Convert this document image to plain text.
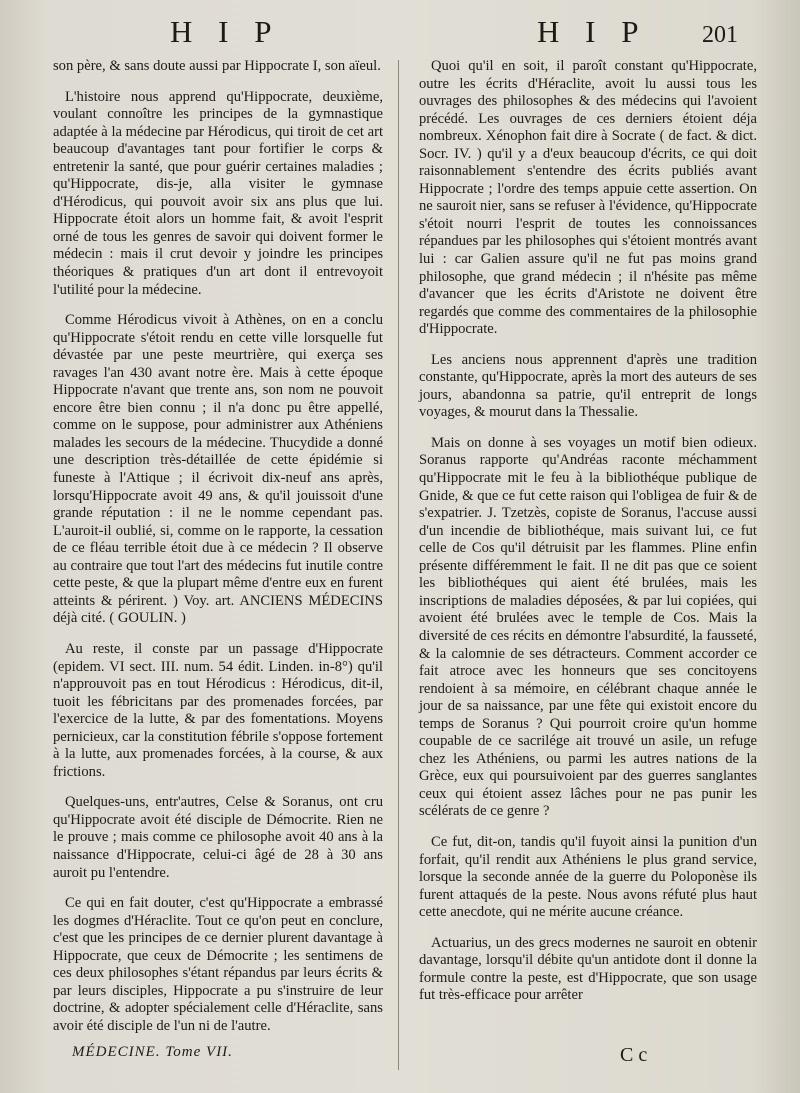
H I P	H I P 201

son père, & sans doute aussi par Hippocrate I, son aïeul.

L'histoire nous apprend qu'Hippocrate, deuxième, voulant connoître les principes de la gymnastique adaptée à la médecine par Hérodicus, qui tiroit de cet art beaucoup d'avantages tant pour fortifier le corps & entretenir la santé, que pour guérir certaines maladies ; qu'Hippocrate, dis-je, alla visiter le gymnase d'Hérodicus, qui pouvoit avoir six ans plus que lui. Hippocrate étoit alors un homme fait, & avoit l'esprit orné de tous les genres de savoir qui doivent former le médecin : mais il crut devoir y joindre les principes théoriques & pratiques d'un art dont il entrevoyoit l'utilité pour la médecine.

Comme Hérodicus vivoit à Athènes, on en a conclu qu'Hippocrate s'étoit rendu en cette ville lorsquelle fut dévastée par une peste meurtrière, qui exerça ses ravages l'an 430 avant notre ère. Mais à cette époque Hippocrate n'avant que trente ans, son nom ne pouvoit encore être bien connu ; il n'a donc pu être appellé, comme on le suppose, pour administrer aux Athéniens malades les secours de la médecine. Thucydide a donné une description très-détaillée de cette épidémie si funeste à l'Attique ; il écrivoit dix-neuf ans après, lorsqu'Hippocrate avoit 49 ans, & qu'il jouissoit d'une grande réputation : il ne le nomme cependant pas. L'auroit-il oublié, si, comme on le rapporte, la cessation de ce fléau terrible étoit due à ce médecin ? Il observe au contraire que tout l'art des médecins fut inutile contre cette peste, & que la plupart même d'entre eux en furent atteints & périrent. ) Voy. art. ANCIENS MÉDECINS déjà cité. ( GOULIN. )

Au reste, il conste par un passage d'Hippocrate (epidem. VI sect. III. num. 54 édit. Linden. in-8°) qu'il n'approuvoit pas en tout Hérodicus : Hérodicus, dit-il, tuoit les fébricitans par des promenades forcées, par l'exercice de la lutte, & par des fomentations. Moyens pernicieux, car la constitution fébrile s'oppose fortement à la lutte, aux promenades forcées, à la course, & aux frictions.

Quelques-uns, entr'autres, Celse & Soranus, ont cru qu'Hippocrate avoit été disciple de Démocrite. Rien ne le prouve ; mais comme ce philosophe avoit 40 ans à la naissance d'Hippocrate, celui-ci âgé de 28 à 30 ans auroit pu l'entendre.

Ce qui en fait douter, c'est qu'Hippocrate a embrassé les dogmes d'Héraclite. Tout ce qu'on peut en conclure, c'est que les principes de ce dernier plurent davantage à Hippocrate, que ceux de Démocrite ; les sentimens de ces deux philosophes s'étant répandus par leurs écrits & par leurs disciples, Hippocrate a pu s'instruire de leur doctrine, & adopter spécialement celle d'Héraclite, sans avoir été disciple de l'un ni de l'autre.

Quoi qu'il en soit, il paroît constant qu'Hippocrate, outre les écrits d'Héraclite, avoit lu aussi tous les ouvrages des philosophes & des médecins qui l'avoient précédé. Les ouvrages de ces derniers étoient déja nombreux. Xénophon fait dire à Socrate ( de fact. & dict. Socr. IV. ) qu'il y a d'eux beaucoup d'écrits, ce qui doit raisonnablement s'entendre des écrits publiés avant Hippocrate ; l'ordre des temps appuie cette assertion. On ne sauroit nier, sans se refuser à l'évidence, qu'Hippocrate s'étoit nourri l'esprit de toutes les connoissances répandues par les philosophes qui s'étoient montrés avant lui : car Galien assure qu'il ne fut pas moins grand philosophe, que grand médecin ; il n'hésite pas même d'avancer que les écrits d'Aristote ne doivent être regardés que comme des commentaires de la philosophie d'Hippocrate.

Les anciens nous apprennent d'après une tradition constante, qu'Hippocrate, après la mort des auteurs de ses jours, abandonna sa patrie, qu'il entreprit de longs voyages, & mourut dans la Thessalie.

Mais on donne à ses voyages un motif bien odieux. Soranus rapporte qu'Andréas raconte méchamment qu'Hippocrate mit le feu à la bibliothéque publique de Gnide, & que ce fut cette raison qui l'obligea de fuir & de s'expatrier. J. Tzetzès, copiste de Soranus, l'accuse aussi d'un incendie de bibliothéque, mais suivant lui, ce fut celle de Cos qu'il détruisit par les flammes. Pline enfin présente différemment le fait. Il ne dit pas que ce soient les bibliothéques qui aient été brulées, mais les inscriptions de maladies déposées, & par lui copiées, qui avoient été brulées avec le temple de Cos. Mais la diversité de ces récits en démontre l'absurdité, la fausseté, & la calomnie de ses détracteurs. Comment accorder ce fait atroce avec les honneurs que ses concitoyens rendoient à sa mémoire, en célébrant chaque année le jour de sa naissance, par une fête qui existoit encore du temps de Soranus ? Qui pourroit croire qu'un homme coupable de ce sacrilége ait trouvé un asile, un refuge chez les Athéniens, ou parmi les autres nations de la Grèce, eux qui poursuivoient par des guerres sanglantes ceux qui étoient assez lâches pour ne pas punir les scélérats de ce genre ?

Ce fut, dit-on, tandis qu'il fuyoit ainsi la punition d'un forfait, qu'il rendit aux Athéniens le plus grand service, lorsque la seconde année de la guerre du Poloponèse ils furent attaqués de la peste. Nous avons réfuté plus haut cette anecdote, qui ne mérite aucune créance.

Actuarius, un des grecs modernes ne sauroit en obtenir davantage, lorsqu'il débite qu'un antidote dont il donne la formule contre la peste, est d'Hippocrate, que son usage fut très-efficace pour arrêter

MÉDECINE. Tome VII.	C c
